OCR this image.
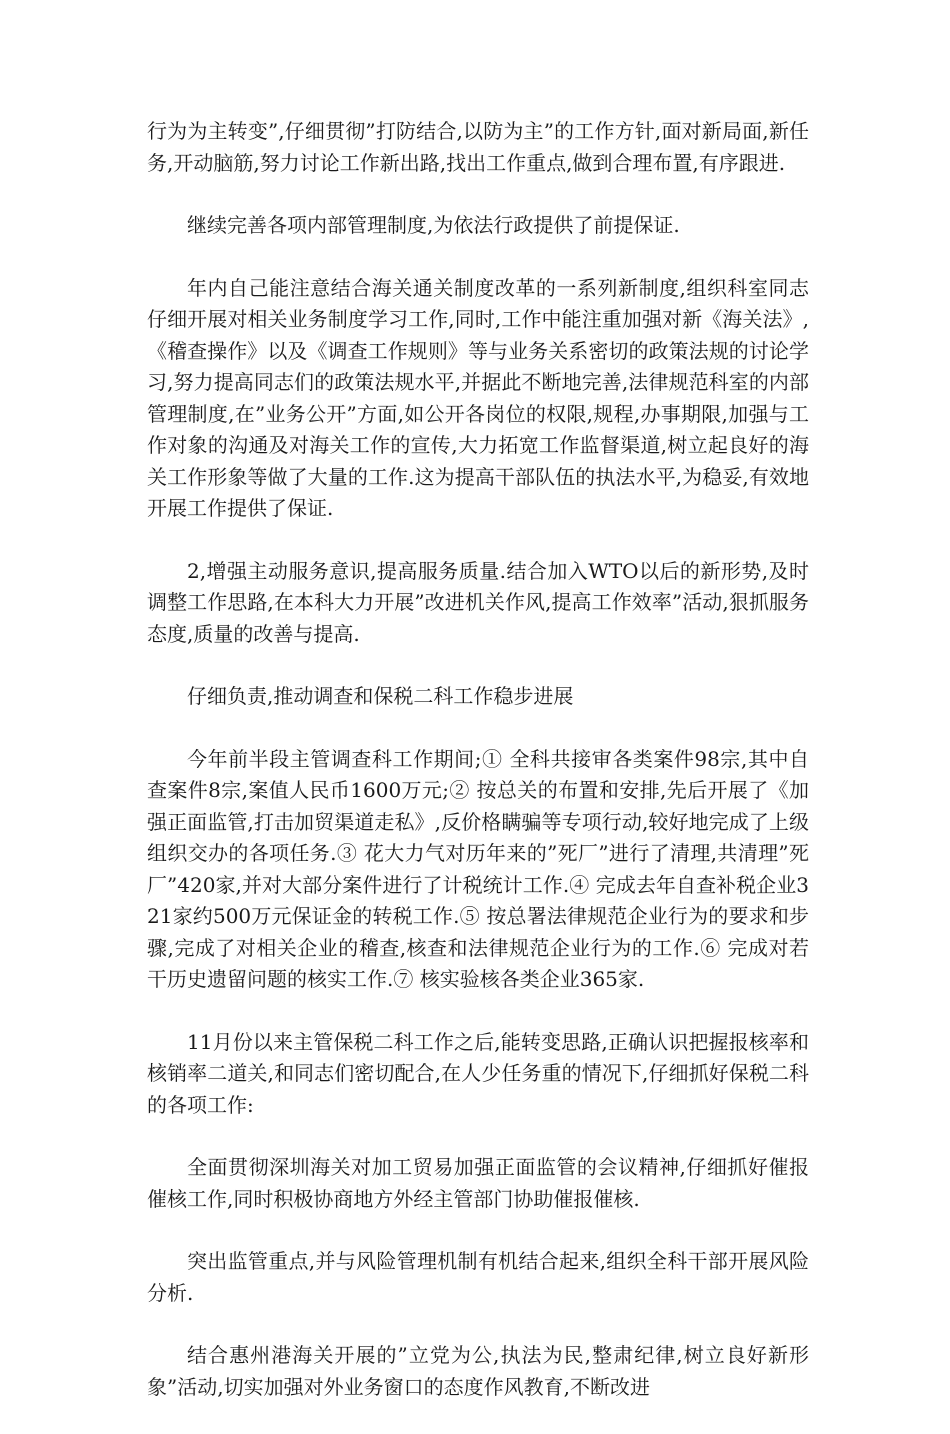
行为为主转变”,仔细贯彻”打防结合,以防为主”的工作方针,面对新局面,新任务,开动脑筋,努力讨论工作新出路,找出工作重点,做到合理布置,有序跟进.

继续完善各项内部管理制度,为依法行政提供了前提保证.

年内自己能注意结合海关通关制度改革的一系列新制度,组织科室同志仔细开展对相关业务制度学习工作,同时,工作中能注重加强对新《海关法》,《稽查操作》以及《调查工作规则》等与业务关系密切的政策法规的讨论学习,努力提高同志们的政策法规水平,并据此不断地完善,法律规范科室的内部管理制度,在”业务公开”方面,如公开各岗位的权限,规程,办事期限,加强与工作对象的沟通及对海关工作的宣传,大力拓宽工作监督渠道,树立起良好的海关工作形象等做了大量的工作.这为提高干部队伍的执法水平,为稳妥,有效地开展工作提供了保证.

2,增强主动服务意识,提高服务质量.结合加入WTO以后的新形势,及时调整工作思路,在本科大力开展”改进机关作风,提高工作效率”活动,狠抓服务态度,质量的改善与提高.

仔细负责,推动调查和保税二科工作稳步进展

今年前半段主管调查科工作期间;① 全科共接审各类案件98宗,其中自查案件8宗,案值人民币1600万元;② 按总关的布置和安排,先后开展了《加强正面监管,打击加贸渠道走私》,反价格瞒骗等专项行动,较好地完成了上级组织交办的各项任务.③ 花大力气对历年来的”死厂”进行了清理,共清理”死厂”420家,并对大部分案件进行了计税统计工作.④ 完成去年自查补税企业321家约500万元保证金的转税工作.⑤ 按总署法律规范企业行为的要求和步骤,完成了对相关企业的稽查,核查和法律规范企业行为的工作.⑥ 完成对若干历史遗留问题的核实工作.⑦ 核实验核各类企业365家.

11月份以来主管保税二科工作之后,能转变思路,正确认识把握报核率和核销率二道关,和同志们密切配合,在人少任务重的情况下,仔细抓好保税二科的各项工作:

全面贯彻深圳海关对加工贸易加强正面监管的会议精神,仔细抓好催报催核工作,同时积极协商地方外经主管部门协助催报催核.

突出监管重点,并与风险管理机制有机结合起来,组织全科干部开展风险分析.

结合惠州港海关开展的”立党为公,执法为民,整肃纪律,树立良好新形象”活动,切实加强对外业务窗口的态度作风教育,不断改进
